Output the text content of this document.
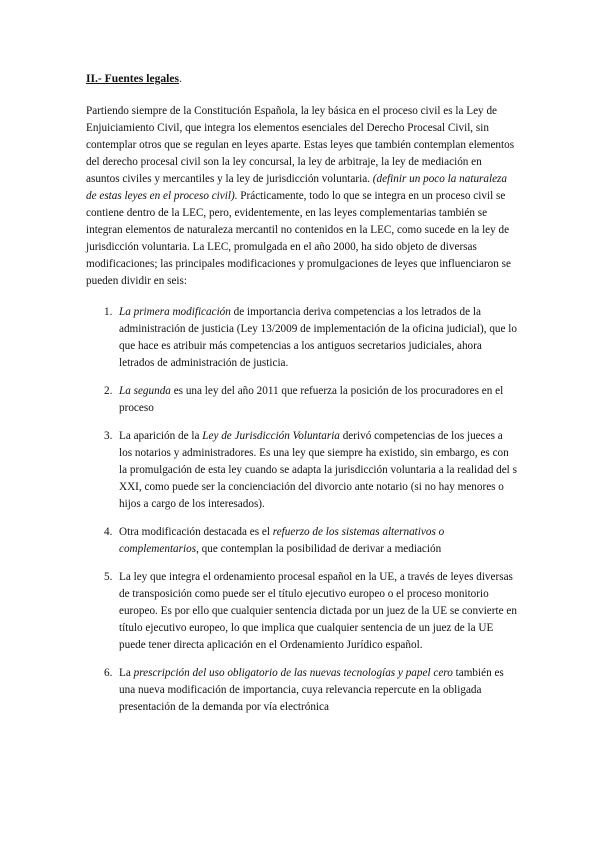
II.- Fuentes legales.

Partiendo siempre de la Constitución Española, la ley básica en el proceso civil es la Ley de Enjuiciamiento Civil, que integra los elementos esenciales del Derecho Procesal Civil, sin contemplar otros que se regulan en leyes aparte. Estas leyes que también contemplan elementos del derecho procesal civil son la ley concursal, la ley de arbitraje, la ley de mediación en asuntos civiles y mercantiles y la ley de jurisdicción voluntaria. (definir un poco la naturaleza de estas leyes en el proceso civil). Prácticamente, todo lo que se integra en un proceso civil se contiene dentro de la LEC, pero, evidentemente, en las leyes complementarias también se integran elementos de naturaleza mercantil no contenidos en la LEC, como sucede en la ley de jurisdicción voluntaria. La LEC, promulgada en el año 2000, ha sido objeto de diversas modificaciones; las principales modificaciones y promulgaciones de leyes que influenciaron se pueden dividir en seis:

1. La primera modificación de importancia deriva competencias a los letrados de la administración de justicia (Ley 13/2009 de implementación de la oficina judicial), que lo que hace es atribuir más competencias a los antiguos secretarios judiciales, ahora letrados de administración de justicia.
2. La segunda es una ley del año 2011 que refuerza la posición de los procuradores en el proceso
3. La aparición de la Ley de Jurisdicción Voluntaria derivó competencias de los jueces a los notarios y administradores. Es una ley que siempre ha existido, sin embargo, es con la promulgación de esta ley cuando se adapta la jurisdicción voluntaria a la realidad del s XXI, como puede ser la concienciación del divorcio ante notario (si no hay menores o hijos a cargo de los interesados).
4. Otra modificación destacada es el refuerzo de los sistemas alternativos o complementarios, que contemplan la posibilidad de derivar a mediación
5. La ley que integra el ordenamiento procesal español en la UE, a través de leyes diversas de transposición como puede ser el título ejecutivo europeo o el proceso monitorio europeo. Es por ello que cualquier sentencia dictada por un juez de la UE se convierte en título ejecutivo europeo, lo que implica que cualquier sentencia de un juez de la UE puede tener directa aplicación en el Ordenamiento Jurídico español.
6. La prescripción del uso obligatorio de las nuevas tecnologías y papel cero también es una nueva modificación de importancia, cuya relevancia repercute en la obligada presentación de la demanda por vía electrónica
